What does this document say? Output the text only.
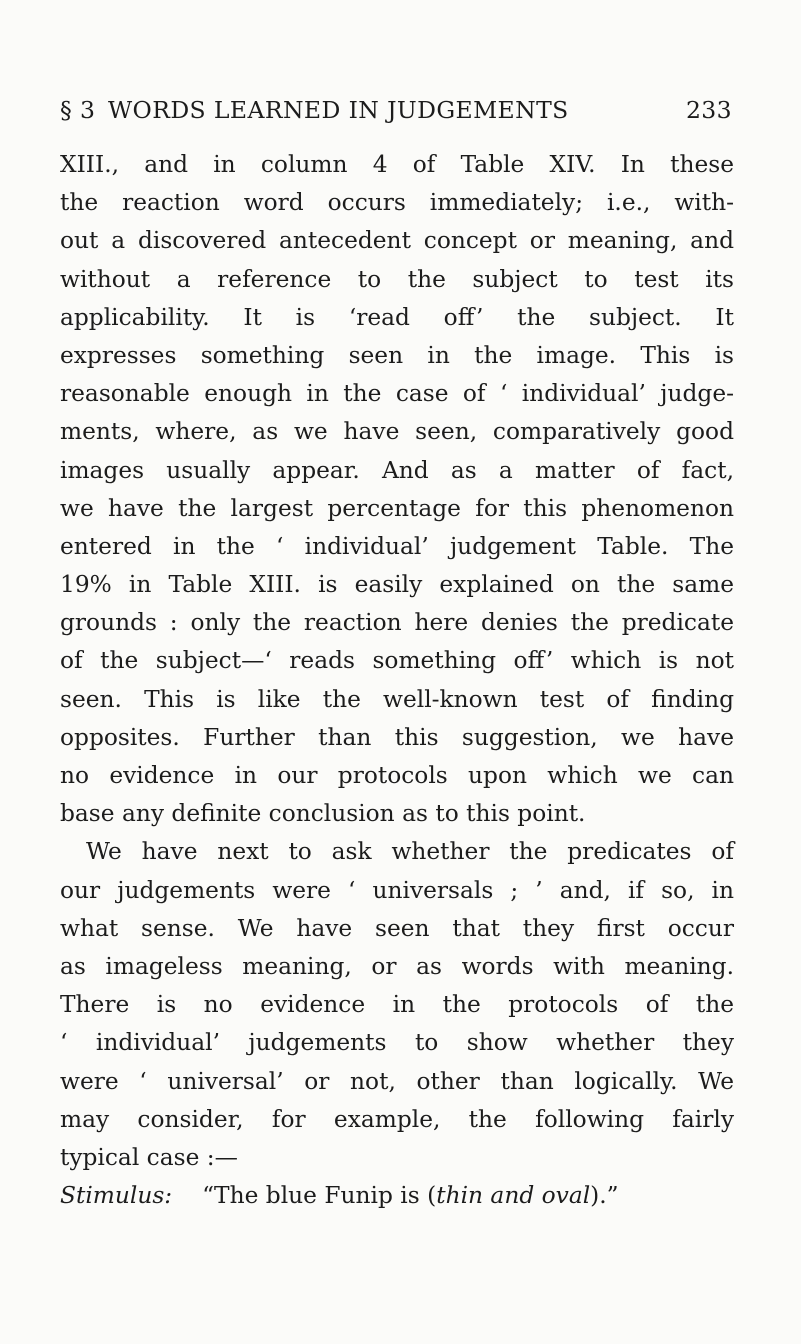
§ 3 WORDS LEARNED IN JUDGEMENTS	233
XIII., and in column 4 of Table XIV. In these
the reaction word occurs immediately; i.e., with-
out a discovered antecedent concept or meaning, and
without a reference to the subject to test its
applicability. It is ‘read off’ the subject. It
expresses something seen in the image. This is
reasonable enough in the case of ‘ individual’ judge-
ments, where, as we have seen, comparatively good
images usually appear. And as a matter of fact,
we have the largest percentage for this phenomenon
entered in the ‘ individual’ judgement Table. The
19% in Table XIII. is easily explained on the same
grounds : only the reaction here denies the predicate
of the subject—‘ reads something off’ which is not
seen. This is like the well-known test of finding
opposites. Further than this suggestion, we have
no evidence in our protocols upon which we can
base any definite conclusion as to this point.
We have next to ask whether the predicates of
our judgements were ‘ universals ; ’ and, if so, in
what sense. We have seen that they first occur
as imageless meaning, or as words with meaning.
There is no evidence in the protocols of the
‘ individual’ judgements to show whether they
were ‘ universal’ or not, other than logically. We
may consider, for example, the following fairly
typical case :—
Stimulus: “The blue Funip is (thin and oval).”
